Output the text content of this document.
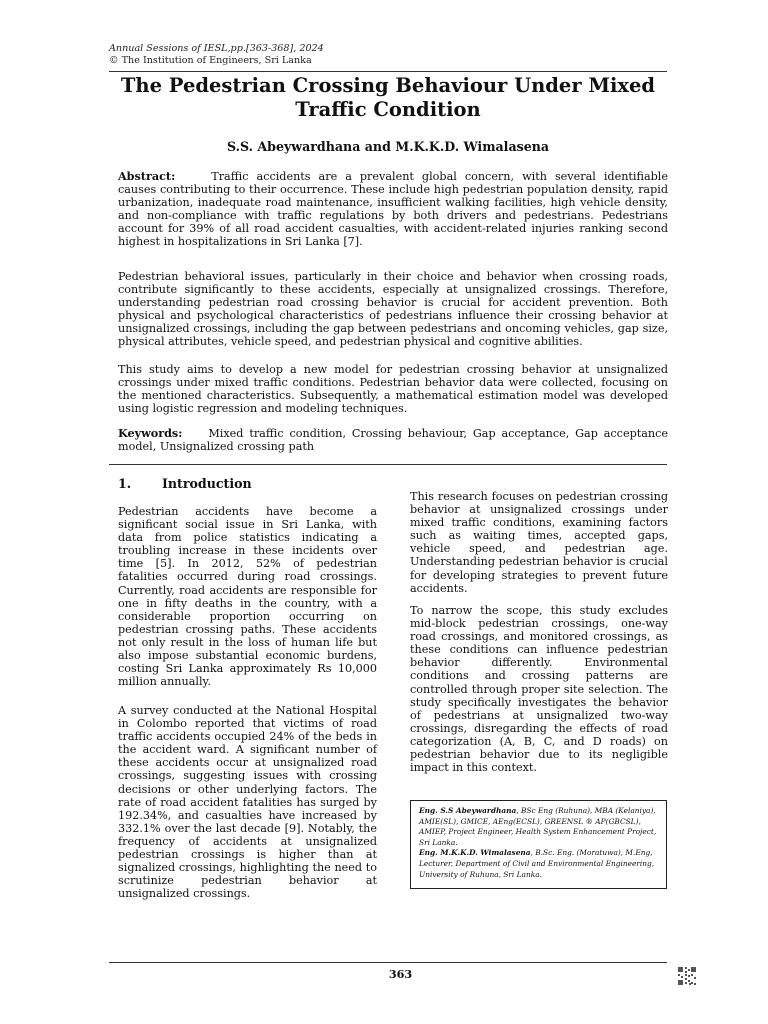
Annual Sessions of IESL,pp.[363-368], 2024
© The Institution of Engineers, Sri Lanka
The Pedestrian Crossing Behaviour Under Mixed
Traffic Condition
S.S. Abeywardhana and M.K.K.D. Wimalasena
Abstract:	Traffic accidents are a prevalent global concern, with several identifiable causes contributing to their occurrence. These include high pedestrian population density, rapid urbanization, inadequate road maintenance, insufficient walking facilities, high vehicle density, and non-compliance with traffic regulations by both drivers and pedestrians. Pedestrians account for 39% of all road accident casualties, with accident-related injuries ranking second highest in hospitalizations in Sri Lanka [7].
Pedestrian behavioral issues, particularly in their choice and behavior when crossing roads, contribute significantly to these accidents, especially at unsignalized crossings. Therefore, understanding pedestrian road crossing behavior is crucial for accident prevention. Both physical and psychological characteristics of pedestrians influence their crossing behavior at unsignalized crossings, including the gap between pedestrians and oncoming vehicles, gap size, physical attributes, vehicle speed, and pedestrian physical and cognitive abilities.
This study aims to develop a new model for pedestrian crossing behavior at unsignalized crossings under mixed traffic conditions. Pedestrian behavior data were collected, focusing on the mentioned characteristics. Subsequently, a mathematical estimation model was developed using logistic regression and modeling techniques.
Keywords: Mixed traffic condition, Crossing behaviour, Gap acceptance, Gap acceptance model, Unsignalized crossing path
1. Introduction
Pedestrian accidents have become a significant social issue in Sri Lanka, with data from police statistics indicating a troubling increase in these incidents over time [5]. In 2012, 52% of pedestrian fatalities occurred during road crossings. Currently, road accidents are responsible for one in fifty deaths in the country, with a considerable proportion occurring on pedestrian crossing paths. These accidents not only result in the loss of human life but also impose substantial economic burdens, costing Sri Lanka approximately Rs 10,000 million annually.
A survey conducted at the National Hospital in Colombo reported that victims of road traffic accidents occupied 24% of the beds in the accident ward. A significant number of these accidents occur at unsignalized road crossings, suggesting issues with crossing decisions or other underlying factors. The rate of road accident fatalities has surged by 192.34%, and casualties have increased by 332.1% over the last decade [9]. Notably, the frequency of accidents at unsignalized pedestrian crossings is higher than at signalized crossings, highlighting the need to scrutinize pedestrian behavior at unsignalized crossings.
This research focuses on pedestrian crossing behavior at unsignalized crossings under mixed traffic conditions, examining factors such as waiting times, accepted gaps, vehicle speed, and pedestrian age. Understanding pedestrian behavior is crucial for developing strategies to prevent future accidents.
To narrow the scope, this study excludes mid-block pedestrian crossings, one-way road crossings, and monitored crossings, as these conditions can influence pedestrian behavior differently. Environmental conditions and crossing patterns are controlled through proper site selection. The study specifically investigates the behavior of pedestrians at unsignalized two-way crossings, disregarding the effects of road categorization (A, B, C, and D roads) on pedestrian behavior due to its negligible impact in this context.
Eng. S.S Abeywardhana, BSc Eng (Ruhuna), MBA (Kelaniya), AMIE(SL), GMICE, AEng(ECSL), GREENSL ® AP(GBCSL), AMIEP, Project Engineer, Health System Enhancement Project, Sri Lanka.
Eng. M.K.K.D. Wimalasena, B.Sc. Eng. (Moratuwa), M.Eng, Lecturer, Department of Civil and Environmental Engineering, University of Ruhuna, Sri Lanka.
363
